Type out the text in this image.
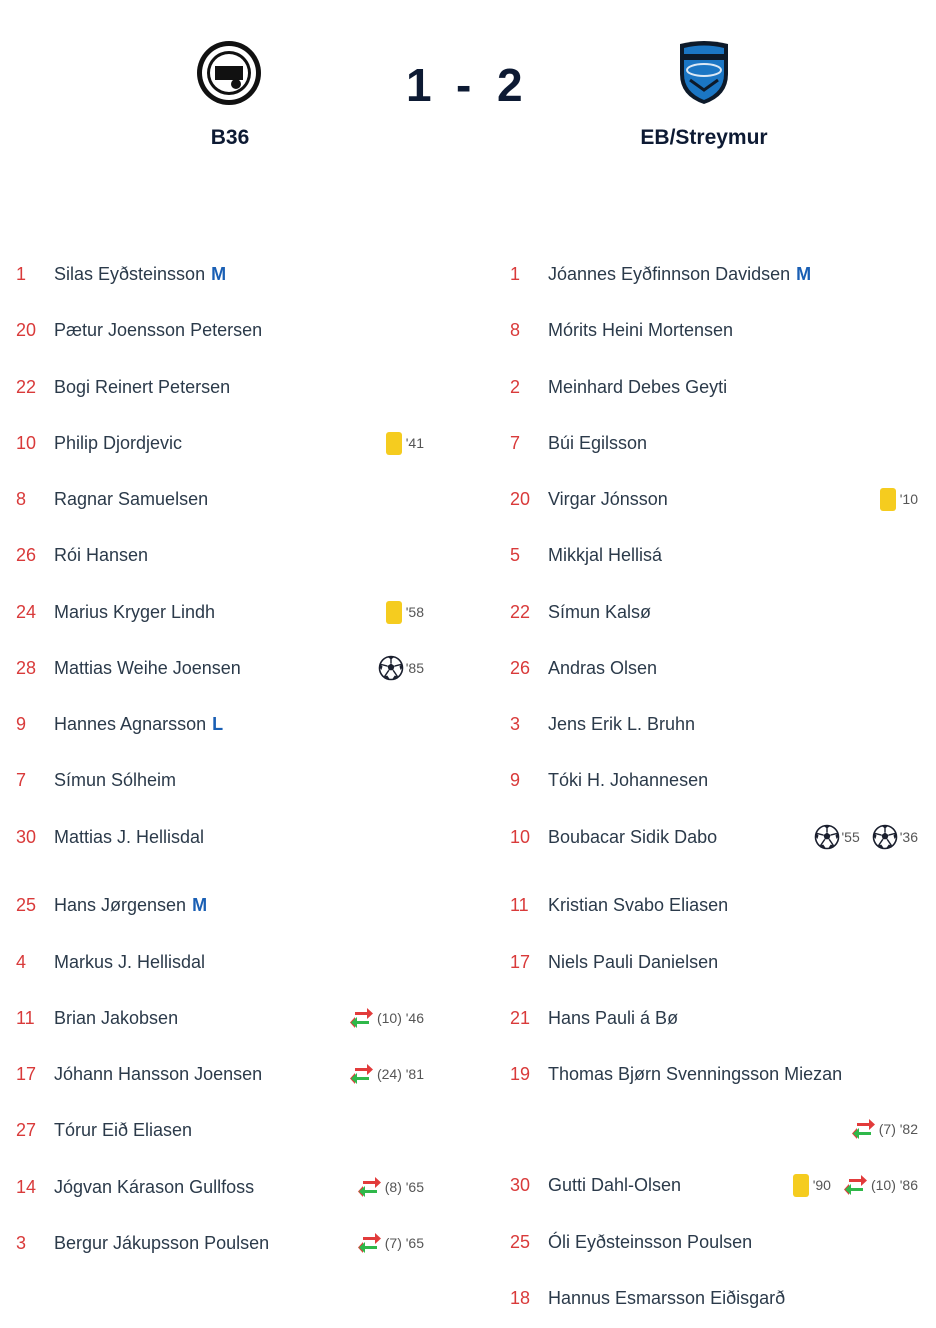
1 - 2
B36	EB/Streymur
1 Silas Eyðsteinsson M
20 Pætur Joensson Petersen
22 Bogi Reinert Petersen
10 Philip Djordjevic	'41
8 Ragnar Samuelsen
26 Rói Hansen
24 Marius Kryger Lindh	'58
28 Mattias Weihe Joensen	'85
9 Hannes Agnarsson L
7 Símun Sólheim
30 Mattias J. Hellisdal
25 Hans Jørgensen M
4 Markus J. Hellisdal
11 Brian Jakobsen	(10) '46
17 Jóhann Hansson Joensen	(24) '81
27 Tórur Eið Eliasen
14 Jógvan Kárason Gullfoss	(8) '65
3 Bergur Jákupsson Poulsen	(7) '65
1 Jóannes Eyðfinnson Davidsen M
8 Mórits Heini Mortensen
2 Meinhard Debes Geyti
7 Búi Egilsson
20 Virgar Jónsson	'10
5 Mikkjal Hellisá
22 Símun Kalsø
26 Andras Olsen
3 Jens Erik L. Bruhn
9 Tóki H. Johannesen
10 Boubacar Sidik Dabo	'55	'36
11 Kristian Svabo Eliasen
17 Niels Pauli Danielsen
21 Hans Pauli á Bø
19 Thomas Bjørn Svenningsson Miezan
(7) '82
30 Gutti Dahl-Olsen	'90	(10) '86
25 Óli Eyðsteinsson Poulsen
18 Hannus Esmarsson Eiðisgarð
